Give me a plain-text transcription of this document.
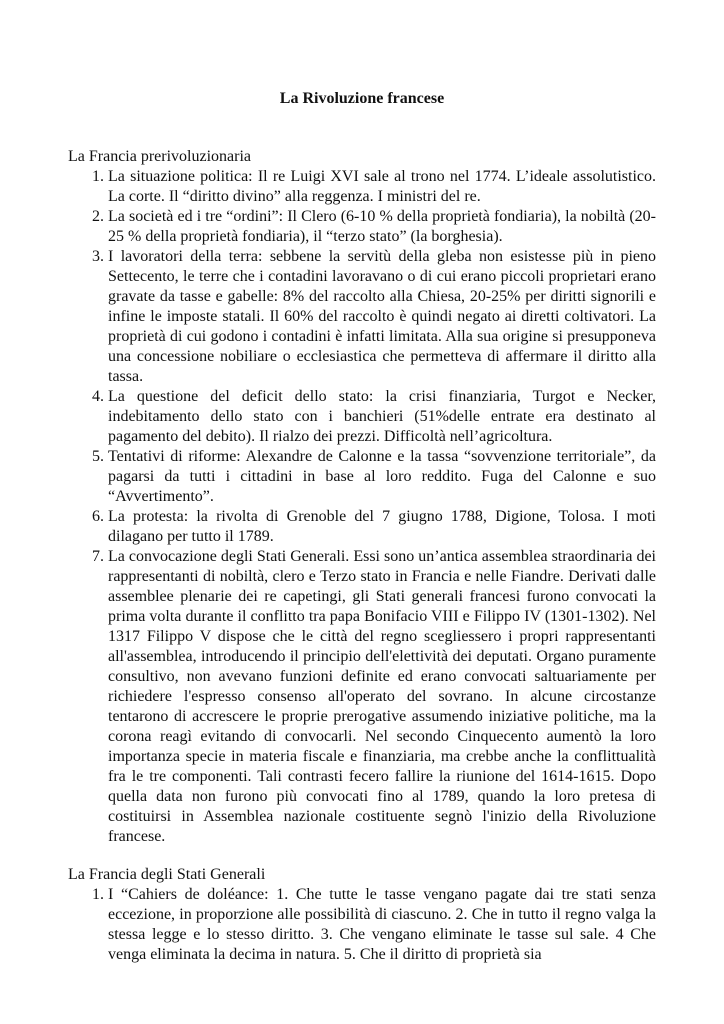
La Rivoluzione francese

La Francia prerivoluzionaria

1. La situazione politica: Il re Luigi XVI sale al trono nel 1774. L’ideale assolutistico. La corte. Il “diritto divino” alla reggenza. I ministri del re.
2. La società ed i tre “ordini”: Il Clero (6-10 % della proprietà fondiaria), la nobiltà (20-25 % della proprietà fondiaria), il “terzo stato” (la borghesia).
3. I lavoratori della terra: sebbene la servitù della gleba non esistesse più in pieno Settecento, le terre che i contadini lavoravano o di cui erano piccoli proprietari erano gravate da tasse e gabelle: 8% del raccolto alla Chiesa, 20-25% per diritti signorili e infine le imposte statali. Il 60% del raccolto è quindi negato ai diretti coltivatori. La proprietà di cui godono i contadini è infatti limitata. Alla sua origine si presupponeva una concessione nobiliare o ecclesiastica che permetteva di affermare il diritto alla tassa.
4. La questione del deficit dello stato: la crisi finanziaria, Turgot e Necker, indebitamento dello stato con i banchieri (51%delle entrate era destinato al pagamento del debito). Il rialzo dei prezzi. Difficoltà nell’agricoltura.
5. Tentativi di riforme: Alexandre de Calonne e la tassa “sovvenzione territoriale”, da pagarsi da tutti i cittadini in base al loro reddito. Fuga del Calonne e suo “Avvertimento”.
6. La protesta: la rivolta di Grenoble del 7 giugno 1788, Digione, Tolosa. I moti dilagano per tutto il 1789.
7. La convocazione degli Stati Generali. Essi sono un’antica assemblea straordinaria dei rappresentanti di nobiltà, clero e Terzo stato in Francia e nelle Fiandre. Derivati dalle assemblee plenarie dei re capetingi, gli Stati generali francesi furono convocati la prima volta durante il conflitto tra papa Bonifacio VIII e Filippo IV (1301-1302). Nel 1317 Filippo V dispose che le città del regno scegliessero i propri rappresentanti all'assemblea, introducendo il principio dell'elettività dei deputati. Organo puramente consultivo, non avevano funzioni definite ed erano convocati saltuariamente per richiedere l'espresso consenso all'operato del sovrano. In alcune circostanze tentarono di accrescere le proprie prerogative assumendo iniziative politiche, ma la corona reagì evitando di convocarli. Nel secondo Cinquecento aumentò la loro importanza specie in materia fiscale e finanziaria, ma crebbe anche la conflittualità fra le tre componenti. Tali contrasti fecero fallire la riunione del 1614-1615. Dopo quella data non furono più convocati fino al 1789, quando la loro pretesa di costituirsi in Assemblea nazionale costituente segnò l'inizio della Rivoluzione francese.

La Francia degli Stati Generali

1. I “Cahiers de doléance: 1. Che tutte le tasse vengano pagate dai tre stati senza eccezione, in proporzione alle possibilità di ciascuno. 2. Che in tutto il regno valga la stessa legge e lo stesso diritto. 3. Che vengano eliminate le tasse sul sale. 4 Che venga eliminata la decima in natura. 5. Che il diritto di proprietà sia
